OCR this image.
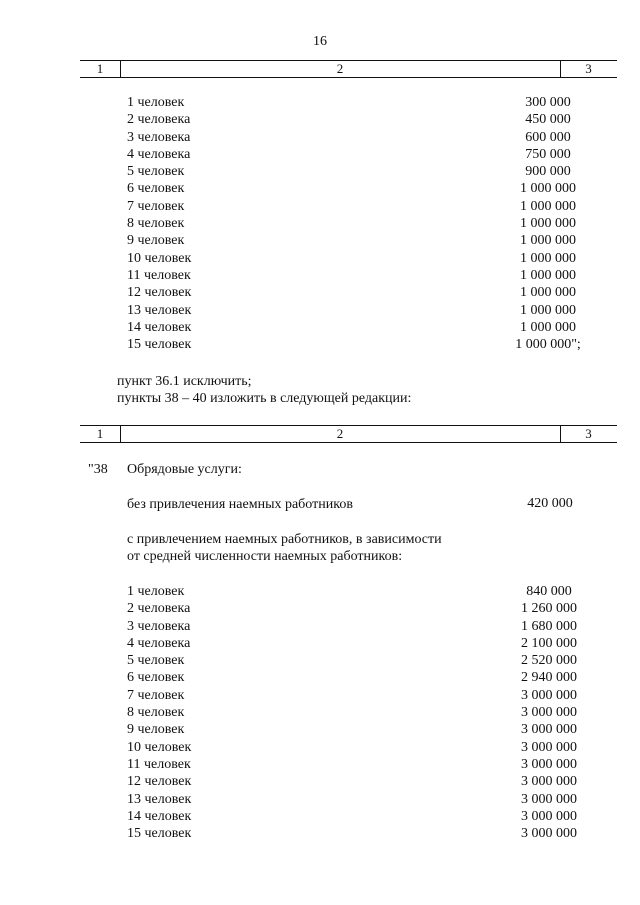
16
1	2	3
1 человек	300 000
2 человека	450 000
3 человека	600 000
4 человека	750 000
5 человек	900 000
6 человек	1 000 000
7 человек	1 000 000
8 человек	1 000 000
9 человек	1 000 000
10 человек	1 000 000
11 человек	1 000 000
12 человек	1 000 000
13 человек	1 000 000
14 человек	1 000 000
15 человек	1 000 000";
пункт 36.1 исключить;
пункты 38 – 40 изложить в следующей редакции:
1	2	3
"38 Обрядовые услуги:
без привлечения наемных работников	420 000
с привлечением наемных работников, в зависимости
от средней численности наемных работников:
1 человек	840 000
2 человека	1 260 000
3 человека	1 680 000
4 человека	2 100 000
5 человек	2 520 000
6 человек	2 940 000
7 человек	3 000 000
8 человек	3 000 000
9 человек	3 000 000
10 человек	3 000 000
11 человек	3 000 000
12 человек	3 000 000
13 человек	3 000 000
14 человек	3 000 000
15 человек	3 000 000
